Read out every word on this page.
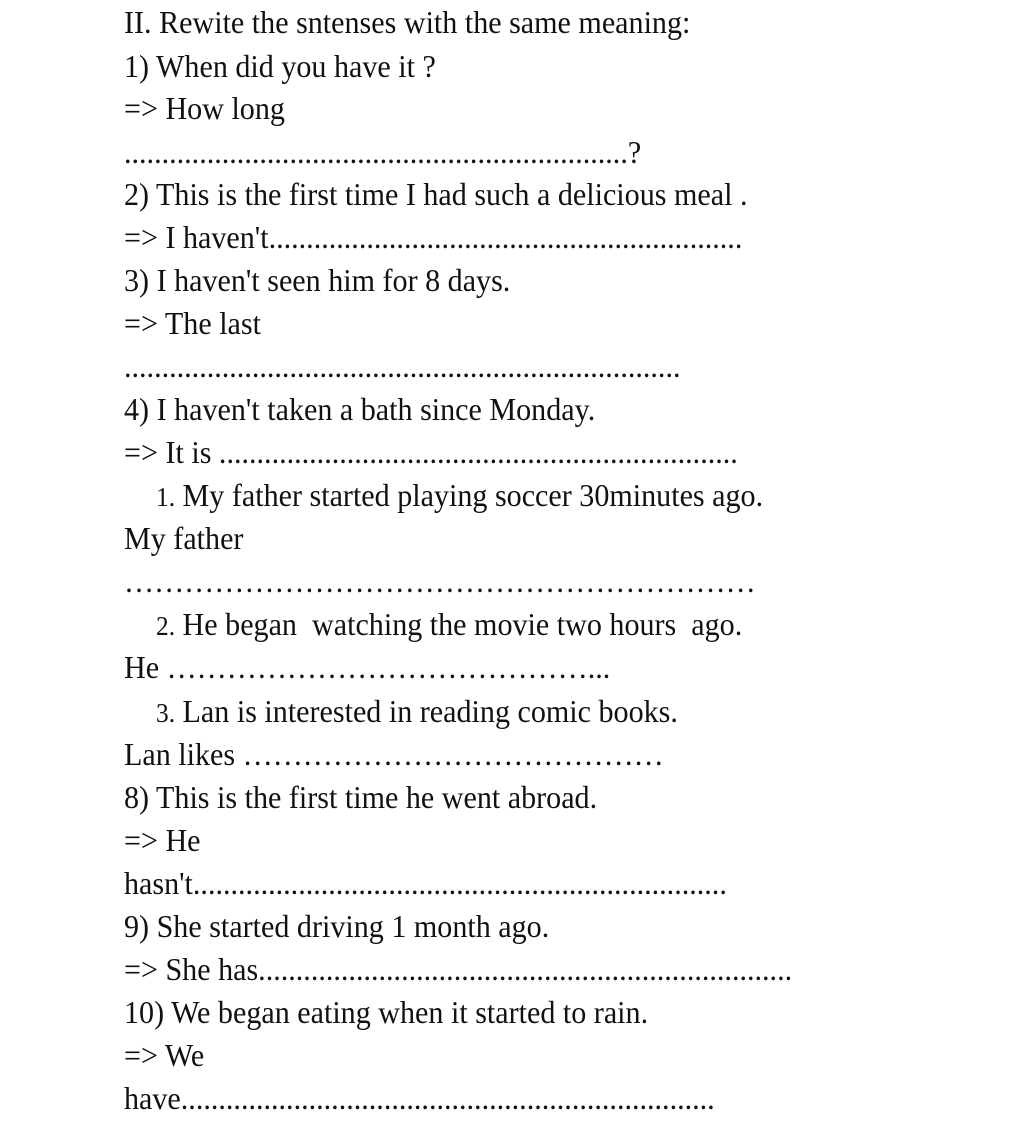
II. Rewite the sntenses with the same meaning:

1) When did you have it ?

=> How long

...................................................................?

2) This is the first time I had such a delicious meal .

=> I haven't...............................................................

3) I haven't seen him for 8 days.

=> The last

..........................................................................

4) I haven't taken a bath since Monday.

=> It is .....................................................................

1. My father started playing soccer 30minutes ago.

My father

………………………………………………………

2. He began  watching the movie two hours  ago.

He ……………………………………...

3. Lan is interested in reading comic books.

Lan likes ……………………………………

8) This is the first time he went abroad.

=> He

hasn't.......................................................................

9) She started driving 1 month ago.

=> She has.......................................................................

10) We began eating when it started to rain.

=> We

have.......................................................................
